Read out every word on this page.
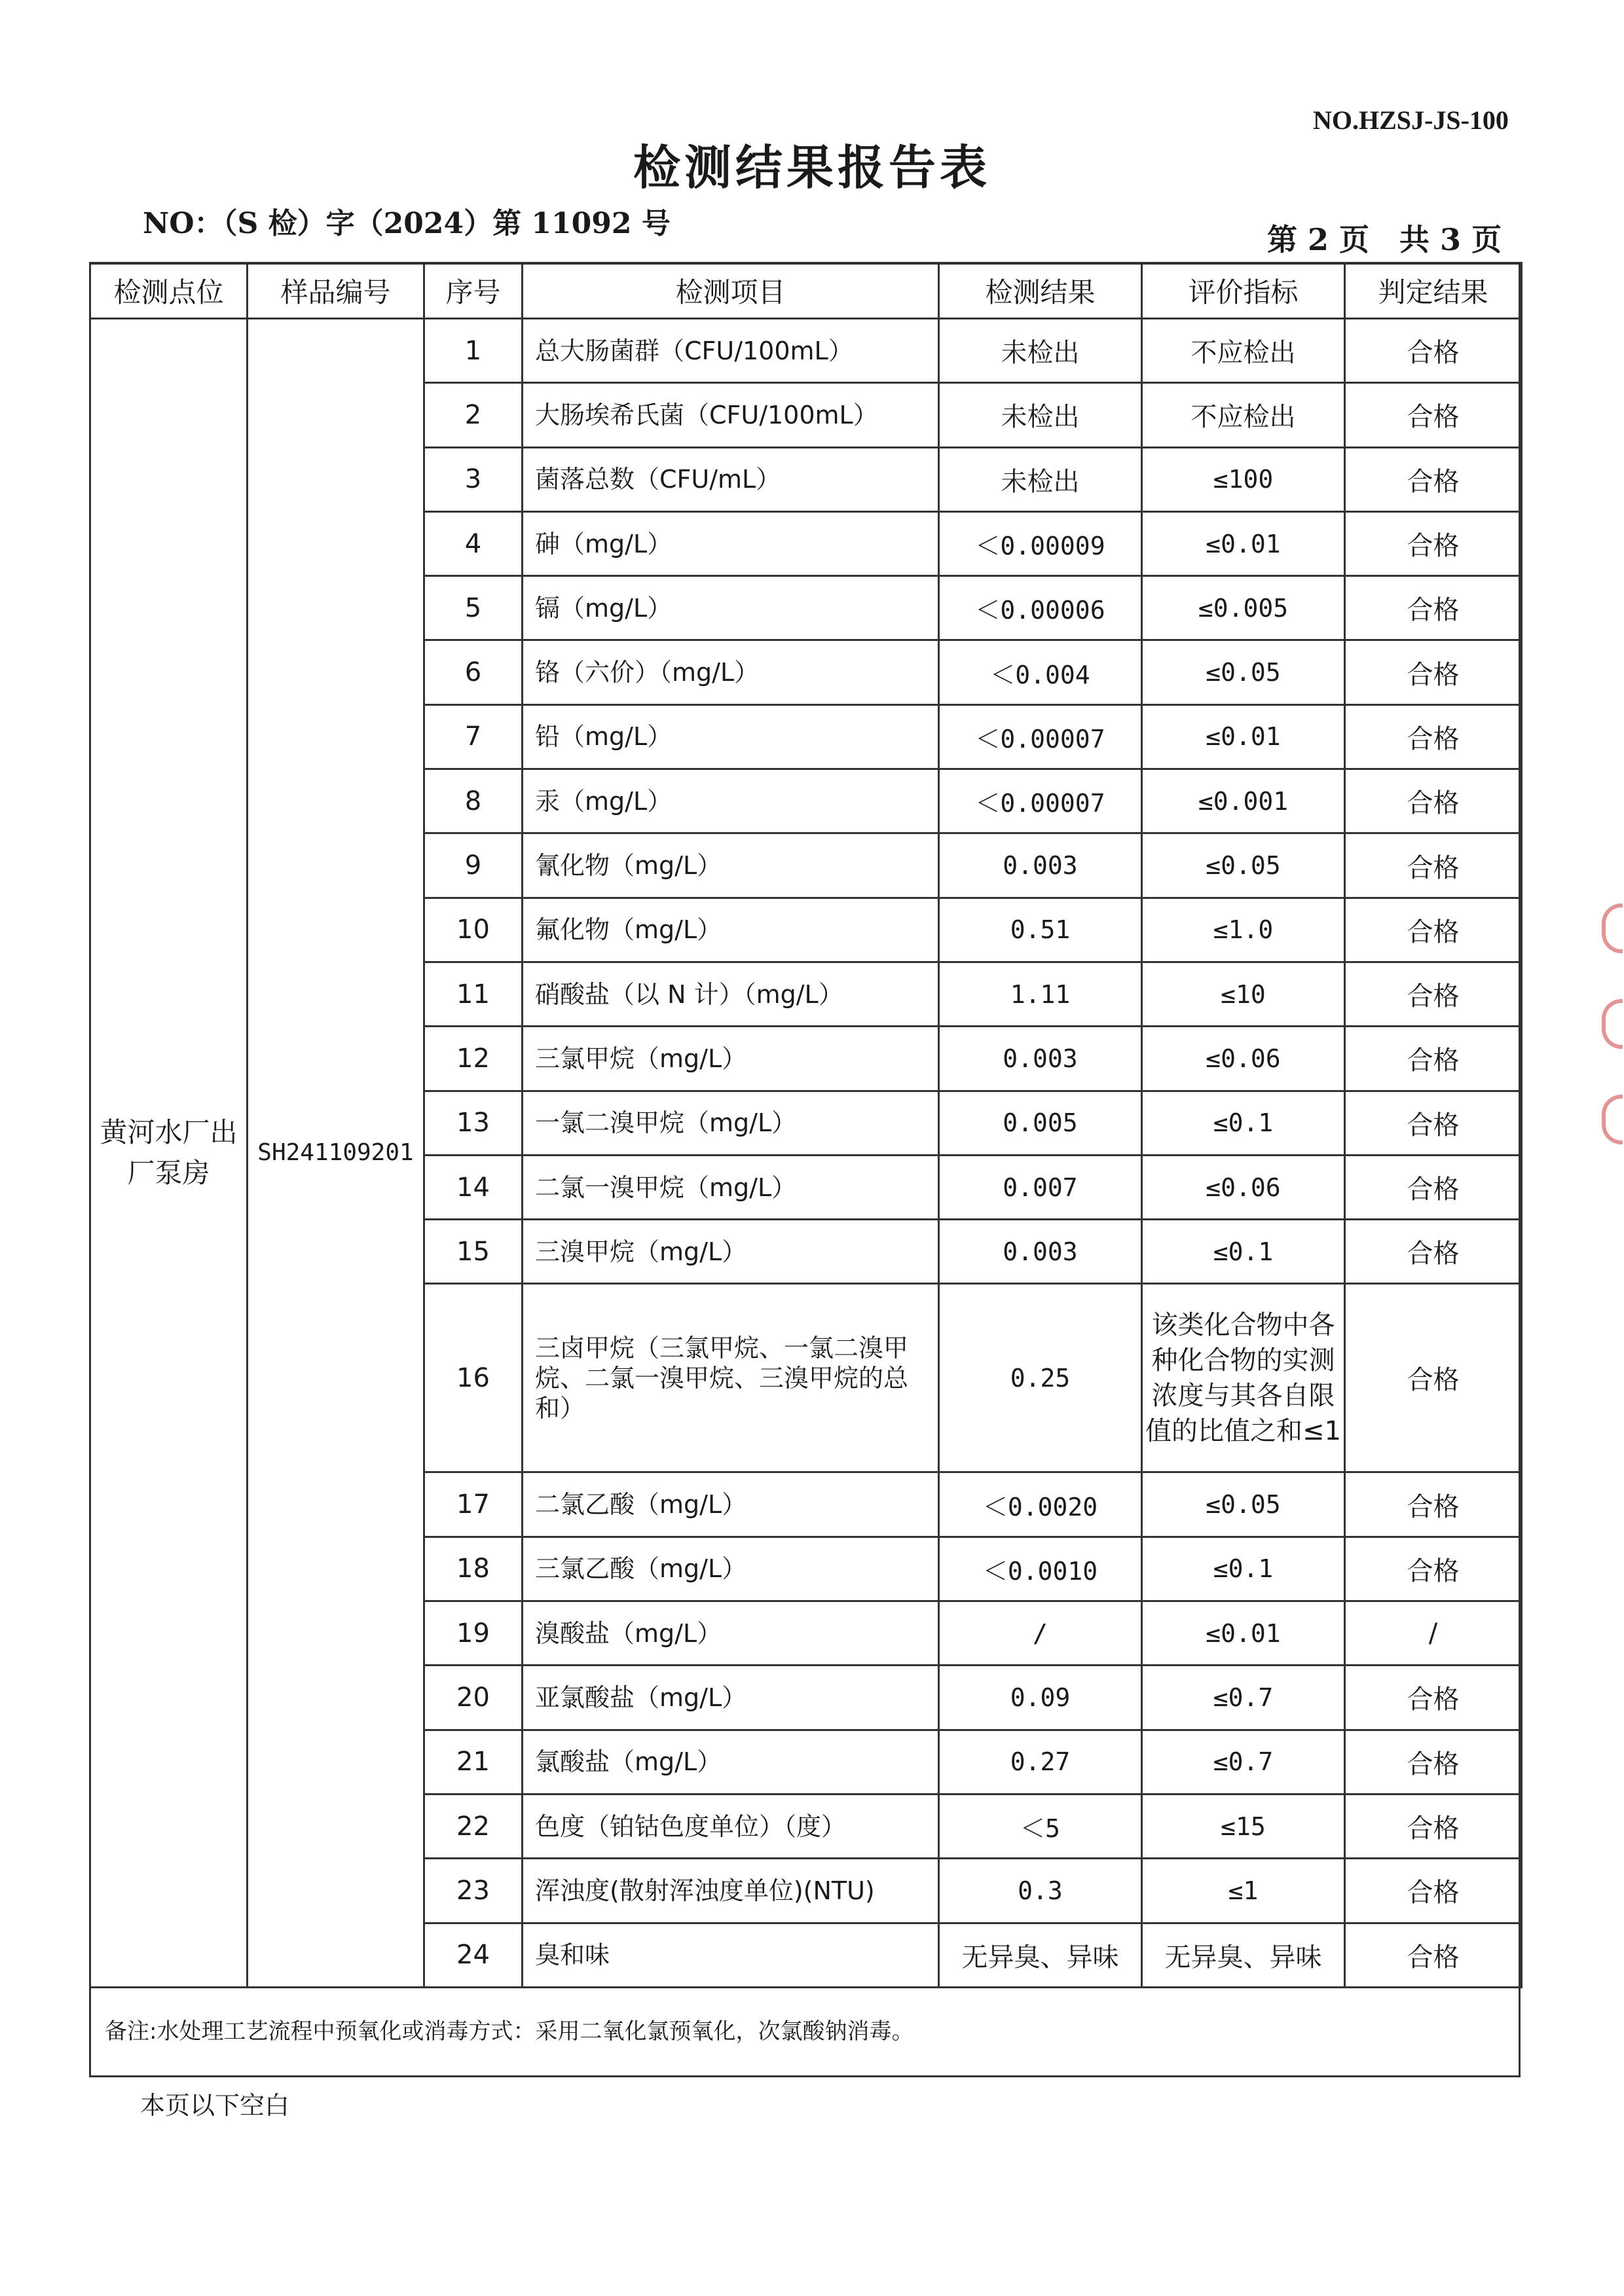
NO.HZSJ-JS-100
检测结果报告表
NO：（S 检）字（2024）第 11092 号	第 2 页　共 3 页
检测点位	样品编号	序号	检测项目	检测结果	评价指标	判定结果
黄河水厂出厂泵房	SH241109201	1	总大肠菌群（CFU/100mL）	未检出	不应检出	合格
		2	大肠埃希氏菌（CFU/100mL）	未检出	不应检出	合格
		3	菌落总数（CFU/mL）	未检出	≤100	合格
		4	砷（mg/L）	＜0.00009	≤0.01	合格
		5	镉（mg/L）	＜0.00006	≤0.005	合格
		6	铬（六价）（mg/L）	＜0.004	≤0.05	合格
		7	铅（mg/L）	＜0.00007	≤0.01	合格
		8	汞（mg/L）	＜0.00007	≤0.001	合格
		9	氰化物（mg/L）	0.003	≤0.05	合格
		10	氟化物（mg/L）	0.51	≤1.0	合格
		11	硝酸盐（以 N 计）（mg/L）	1.11	≤10	合格
		12	三氯甲烷（mg/L）	0.003	≤0.06	合格
		13	一氯二溴甲烷（mg/L）	0.005	≤0.1	合格
		14	二氯一溴甲烷（mg/L）	0.007	≤0.06	合格
		15	三溴甲烷（mg/L）	0.003	≤0.1	合格
		16	三卤甲烷（三氯甲烷、一氯二溴甲烷、二氯一溴甲烷、三溴甲烷的总和）	0.25	该类化合物中各种化合物的实测浓度与其各自限值的比值之和≤1	合格
		17	二氯乙酸（mg/L）	＜0.0020	≤0.05	合格
		18	三氯乙酸（mg/L）	＜0.0010	≤0.1	合格
		19	溴酸盐（mg/L）	/	≤0.01	/
		20	亚氯酸盐（mg/L）	0.09	≤0.7	合格
		21	氯酸盐（mg/L）	0.27	≤0.7	合格
		22	色度（铂钴色度单位）（度）	＜5	≤15	合格
		23	浑浊度(散射浑浊度单位)(NTU)	0.3	≤1	合格
		24	臭和味	无异臭、异味	无异臭、异味	合格
备注:水处理工艺流程中预氧化或消毒方式：采用二氧化氯预氧化，次氯酸钠消毒。
本页以下空白
